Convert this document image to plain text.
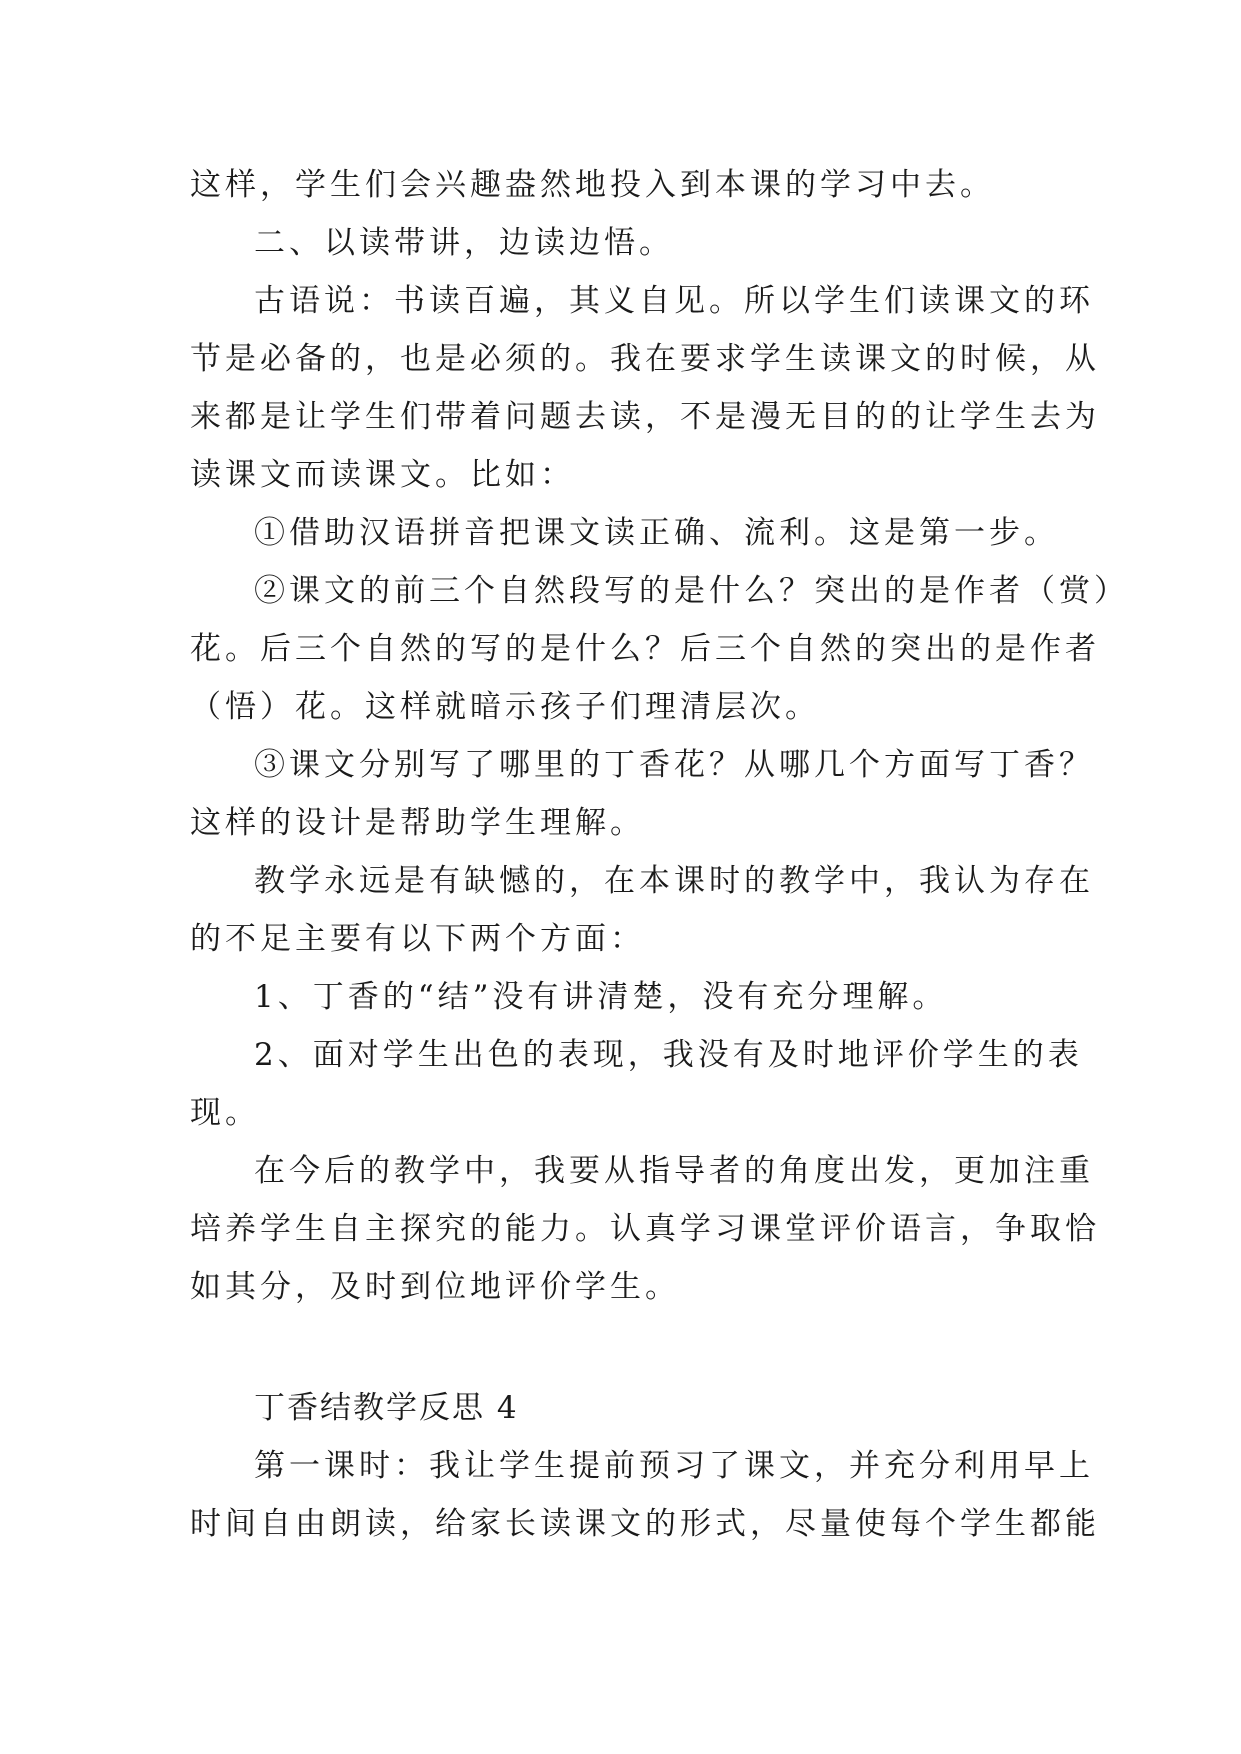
这样，学生们会兴趣盎然地投入到本课的学习中去。
二、以读带讲，边读边悟。
古语说：书读百遍，其义自见。所以学生们读课文的环
节是必备的，也是必须的。我在要求学生读课文的时候，从
来都是让学生们带着问题去读，不是漫无目的的让学生去为
读课文而读课文。比如：
①借助汉语拼音把课文读正确、流利。这是第一步。
②课文的前三个自然段写的是什么？突出的是作者（赏）
花。后三个自然的写的是什么？后三个自然的突出的是作者
（悟）花。这样就暗示孩子们理清层次。
③课文分别写了哪里的丁香花？从哪几个方面写丁香？
这样的设计是帮助学生理解。
教学永远是有缺憾的，在本课时的教学中，我认为存在
的不足主要有以下两个方面：
1、丁香的“结”没有讲清楚，没有充分理解。
2、面对学生出色的表现，我没有及时地评价学生的表
现。
在今后的教学中，我要从指导者的角度出发，更加注重
培养学生自主探究的能力。认真学习课堂评价语言，争取恰
如其分，及时到位地评价学生。
丁香结教学反思 4
第一课时：我让学生提前预习了课文，并充分利用早上
时间自由朗读，给家长读课文的形式，尽量使每个学生都能
